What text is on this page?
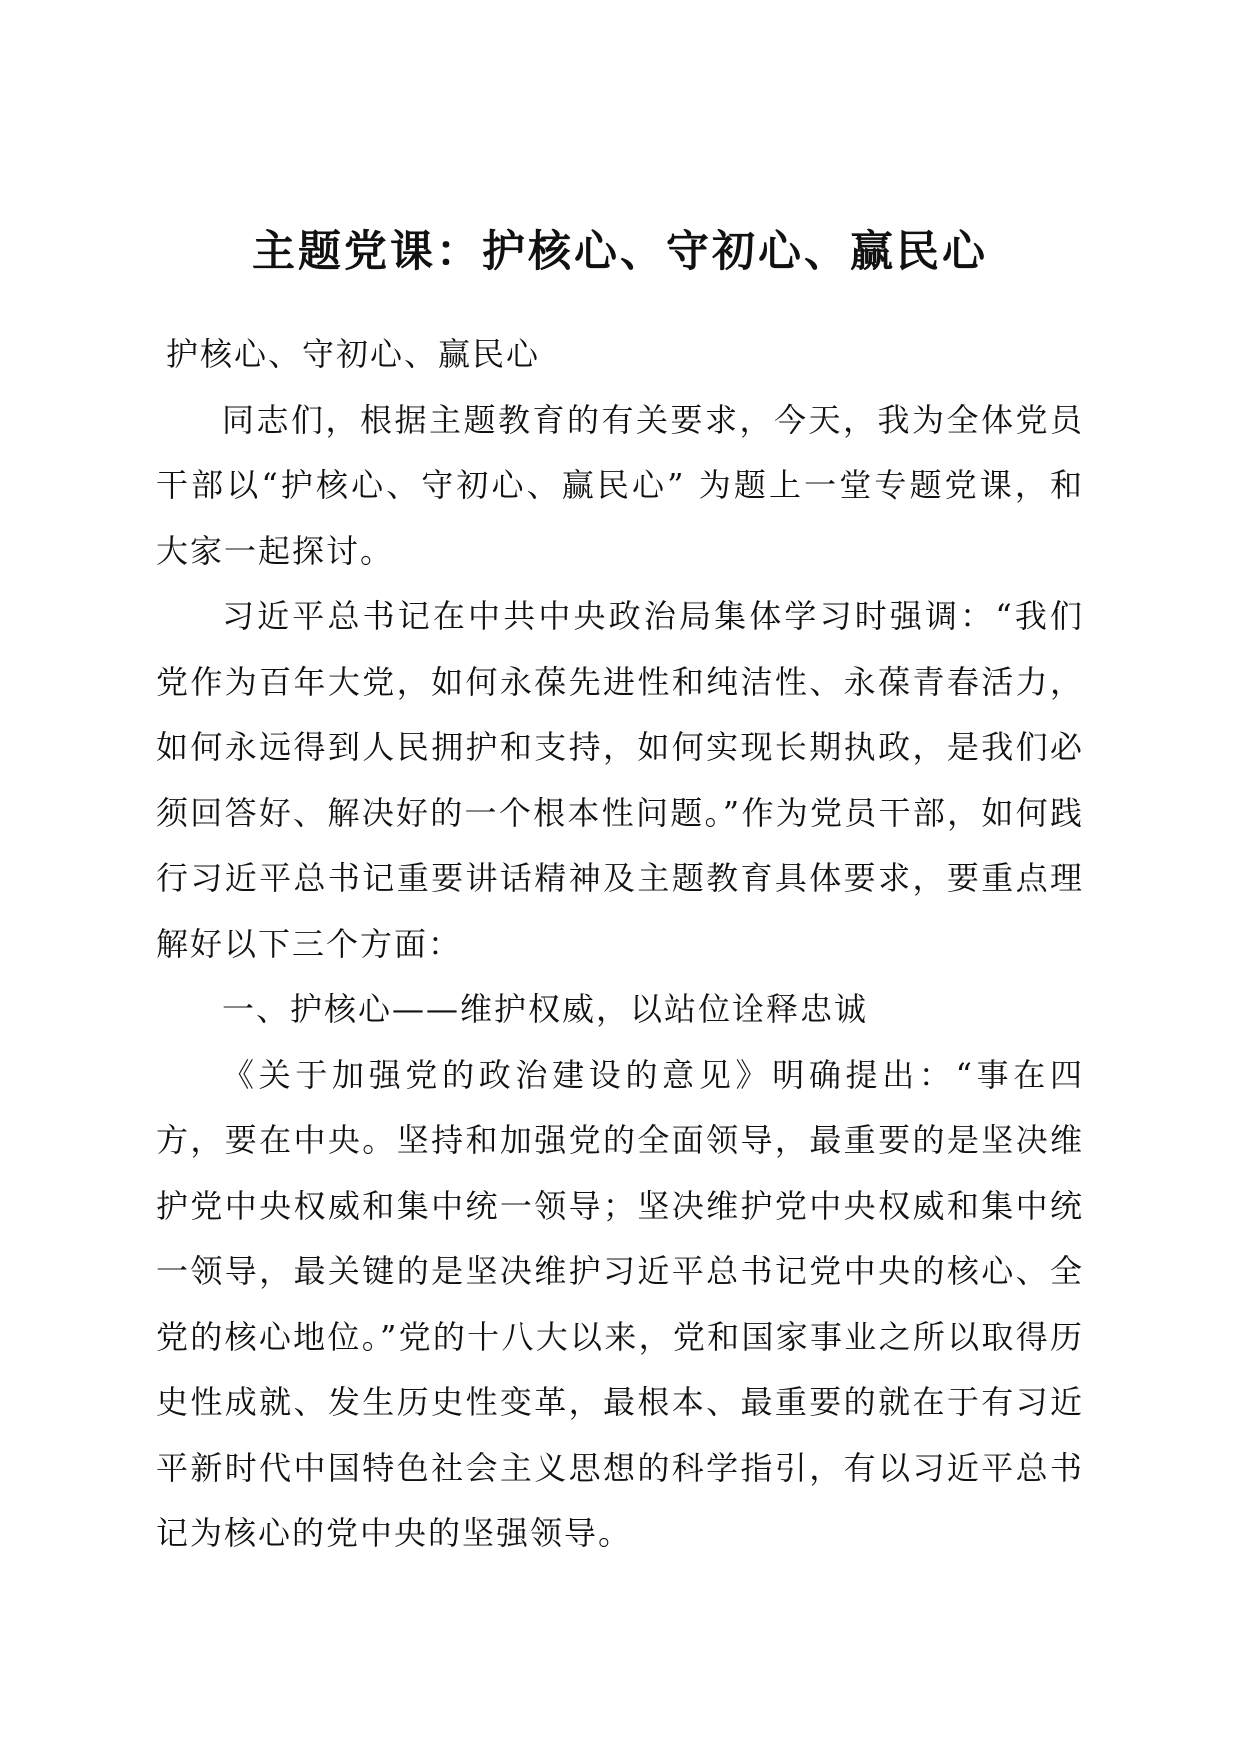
主题党课：护核心、守初心、赢民心

护核心、守初心、赢民心

同志们，根据主题教育的有关要求，今天，我为全体党员干部以“护核心、守初心、赢民心” 为题上一堂专题党课，和大家一起探讨。

习近平总书记在中共中央政治局集体学习时强调：“我们党作为百年大党，如何永葆先进性和纯洁性、永葆青春活力，如何永远得到人民拥护和支持，如何实现长期执政，是我们必须回答好、解决好的一个根本性问题。”作为党员干部，如何践行习近平总书记重要讲话精神及主题教育具体要求，要重点理解好以下三个方面：

一、护核心——维护权威，以站位诠释忠诚

《关于加强党的政治建设的意见》明确提出：“事在四方，要在中央。坚持和加强党的全面领导，最重要的是坚决维护党中央权威和集中统一领导；坚决维护党中央权威和集中统一领导，最关键的是坚决维护习近平总书记党中央的核心、全党的核心地位。”党的十八大以来，党和国家事业之所以取得历史性成就、发生历史性变革，最根本、最重要的就在于有习近平新时代中国特色社会主义思想的科学指引，有以习近平总书记为核心的党中央的坚强领导。
